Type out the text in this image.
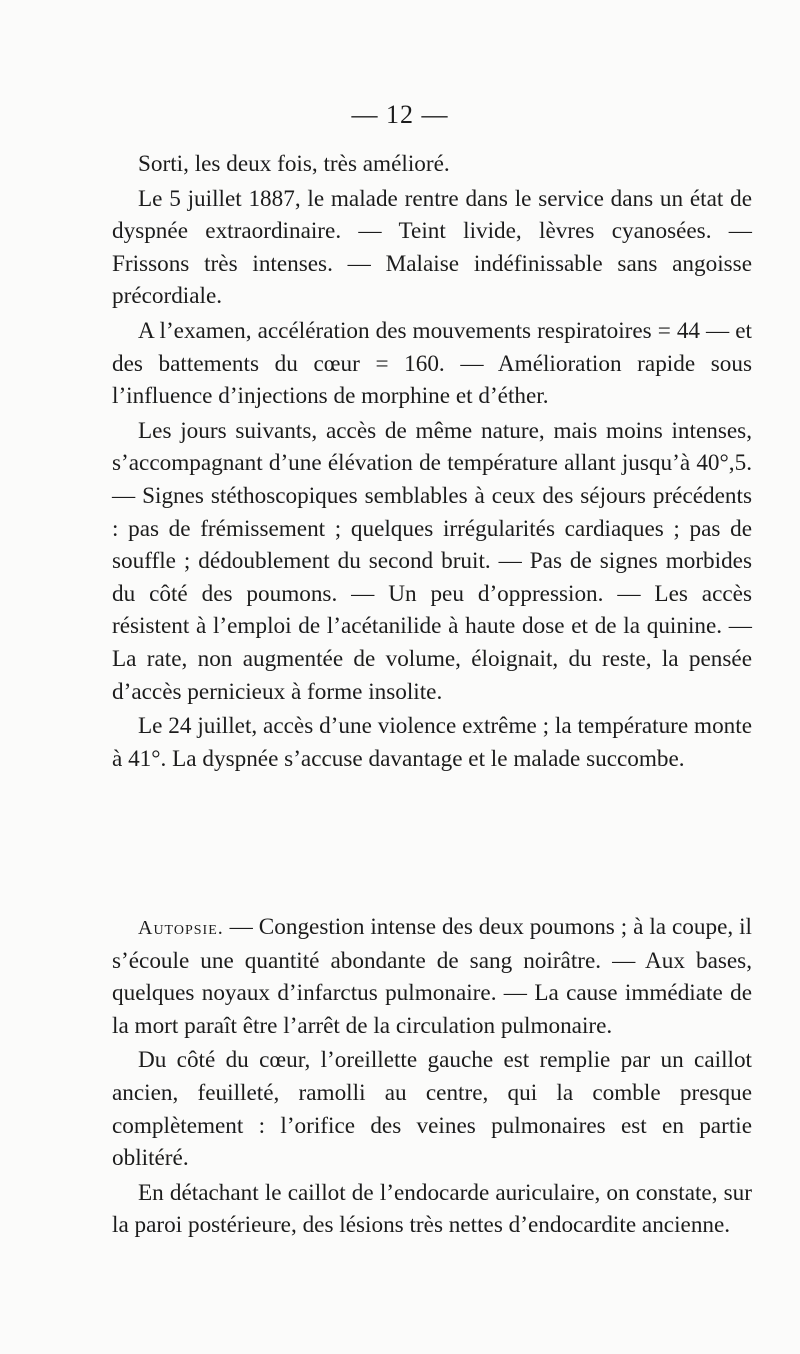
— 12 —

Sorti, les deux fois, très amélioré.

Le 5 juillet 1887, le malade rentre dans le service dans un état de dyspnée extraordinaire. — Teint livide, lèvres cyanosées. — Frissons très intenses. — Malaise indéfinissable sans angoisse précordiale.

A l’examen, accélération des mouvements respiratoires = 44 — et des battements du cœur = 160. — Amélioration rapide sous l’influence d’injections de morphine et d’éther.

Les jours suivants, accès de même nature, mais moins intenses, s’accompagnant d’une élévation de température allant jusqu’à 40°,5. — Signes stéthoscopiques semblables à ceux des séjours précédents : pas de frémissement ; quelques irrégularités cardiaques ; pas de souffle ; dédoublement du second bruit. — Pas de signes morbides du côté des poumons. — Un peu d’oppression. — Les accès résistent à l’emploi de l’acétanilide à haute dose et de la quinine. — La rate, non augmentée de volume, éloignait, du reste, la pensée d’accès pernicieux à forme insolite.

Le 24 juillet, accès d’une violence extrême ; la température monte à 41°. La dyspnée s’accuse davantage et le malade succombe.

Autopsie. — Congestion intense des deux poumons ; à la coupe, il s’écoule une quantité abondante de sang noirâtre. — Aux bases, quelques noyaux d’infarctus pulmonaire. — La cause immédiate de la mort paraît être l’arrêt de la circulation pulmonaire.

Du côté du cœur, l’oreillette gauche est remplie par un caillot ancien, feuilleté, ramolli au centre, qui la comble presque complètement : l’orifice des veines pulmonaires est en partie oblitéré.

En détachant le caillot de l’endocarde auriculaire, on constate, sur la paroi postérieure, des lésions très nettes d’endocardite ancienne.
